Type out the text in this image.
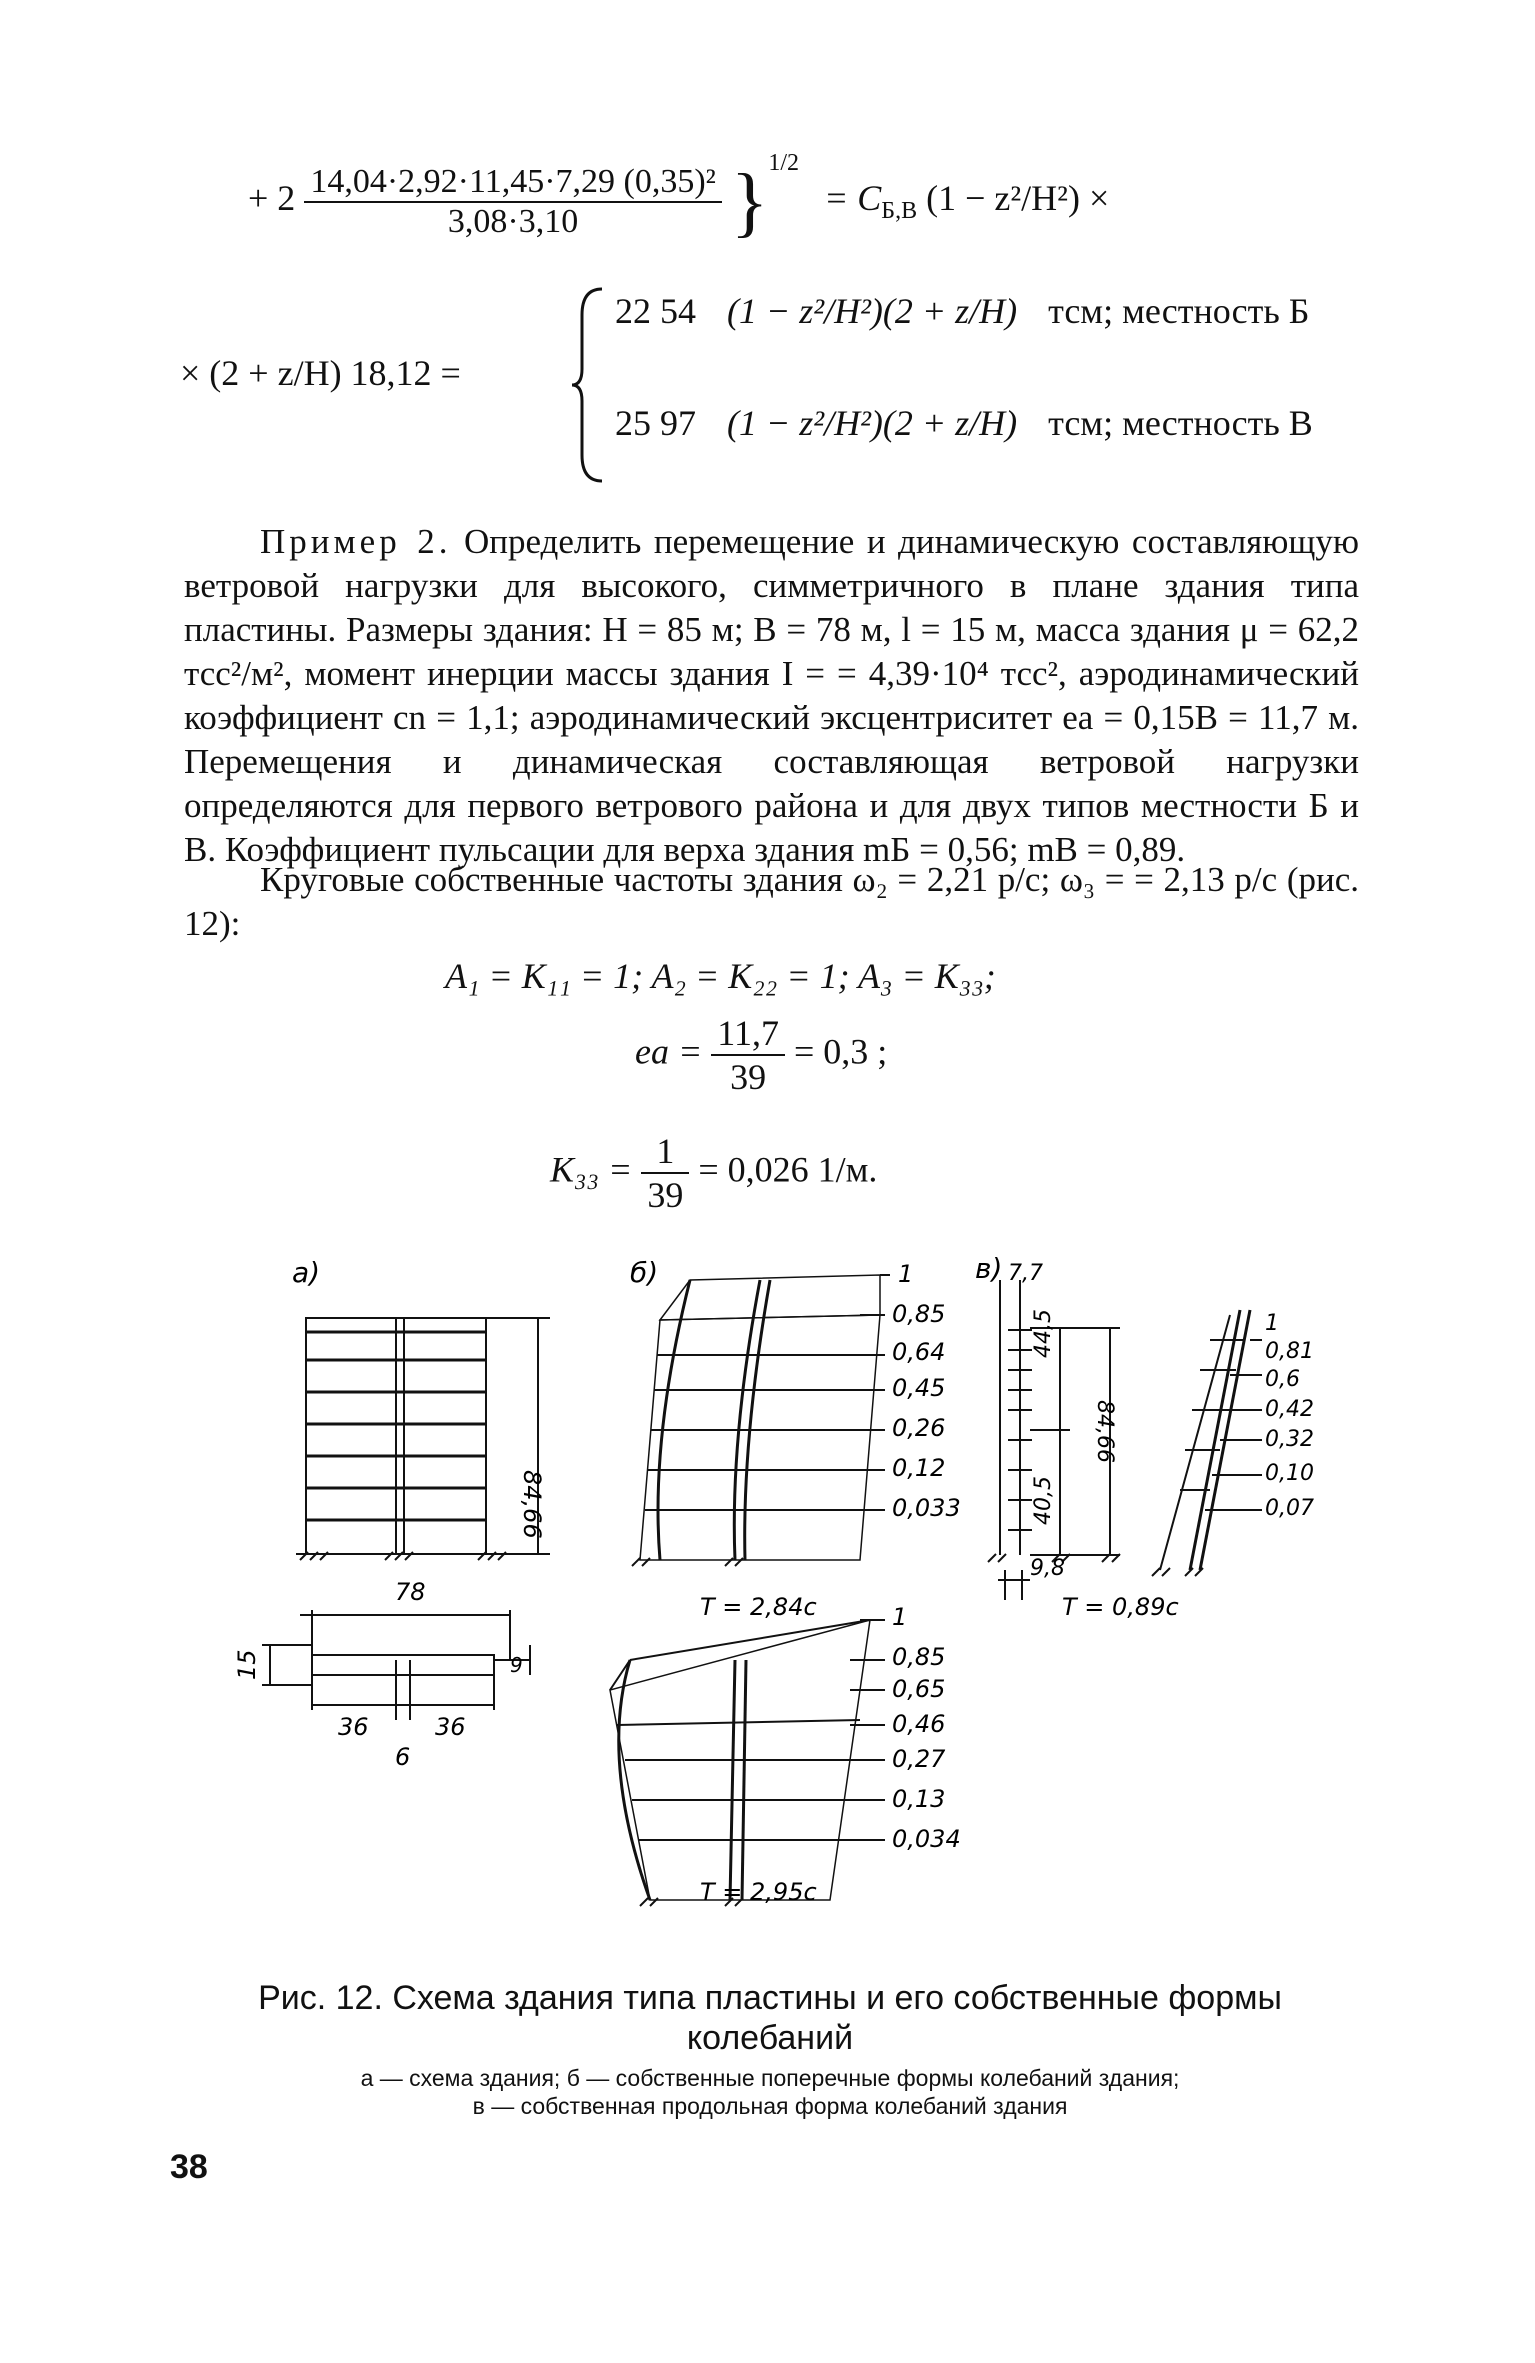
+ $2 \frac{\text{14,04·2,92·11,45·7,29 (0,35)²}}{3,08\cdot 3,10} \}^{1/2} = C_{Б,В}$ (1 − z²/H²) ×
× (2 + z/H) 18,12 =
22 54 (1 − z²/H²)(2 + z/H) тсм; местность Б
25 97 (1 − z²/H²)(2 + z/H) тсм; местность В

Пример 2. Определить перемещение и динамическую составляющую ветровой нагрузки для высокого, симметричного в плане здания типа пластины. Размеры здания: H = 85 м; B = 78 м, l = 15 м, масса здания μ = 62,2 тсс²/м², момент инерции массы здания I = = 4,39·10⁴ тсс², аэродинамический коэффициент cn = 1,1; аэродинамический эксцентриситет eа = 0,15B = 11,7 м. Перемещения и динамическая составляющая ветровой нагрузки определяются для первого ветрового района и для двух типов местности Б и В. Коэффициент пульсации для верха здания mБ = 0,56; mВ = 0,89.

Круговые собственные частоты здания ω₂ = 2,21 р/с; ω₃ = = 2,13 р/с (рис. 12):

A₁ = K₁₁ = 1; A₂ = K₂₂ = 1; A₃ = K₃₃;
eа = $\frac{11,7}{39} = 0,3$ ;
$K_{33} = \frac{1}{39} = 0,026$ 1/м.
а)	б)	в)
84,66
78
15
36	36
6
9
7,7
44,5
40,5
84,66
9,8
1
0,85
0,64
0,45
0,26
0,12
0,033
T = 2,84c	1
0,85
0,65
0,46
0,27
0,13
0,034
T = 2,95c
1
0,81
0,6
0,42
0,32
0,10
0,07
T = 0,89c
Рис. 12. Схема здания типа пластины и его собственные формы колебаний
а — схема здания; б — собственные поперечные формы колебаний здания;
в — собственная продольная форма колебаний здания
38
